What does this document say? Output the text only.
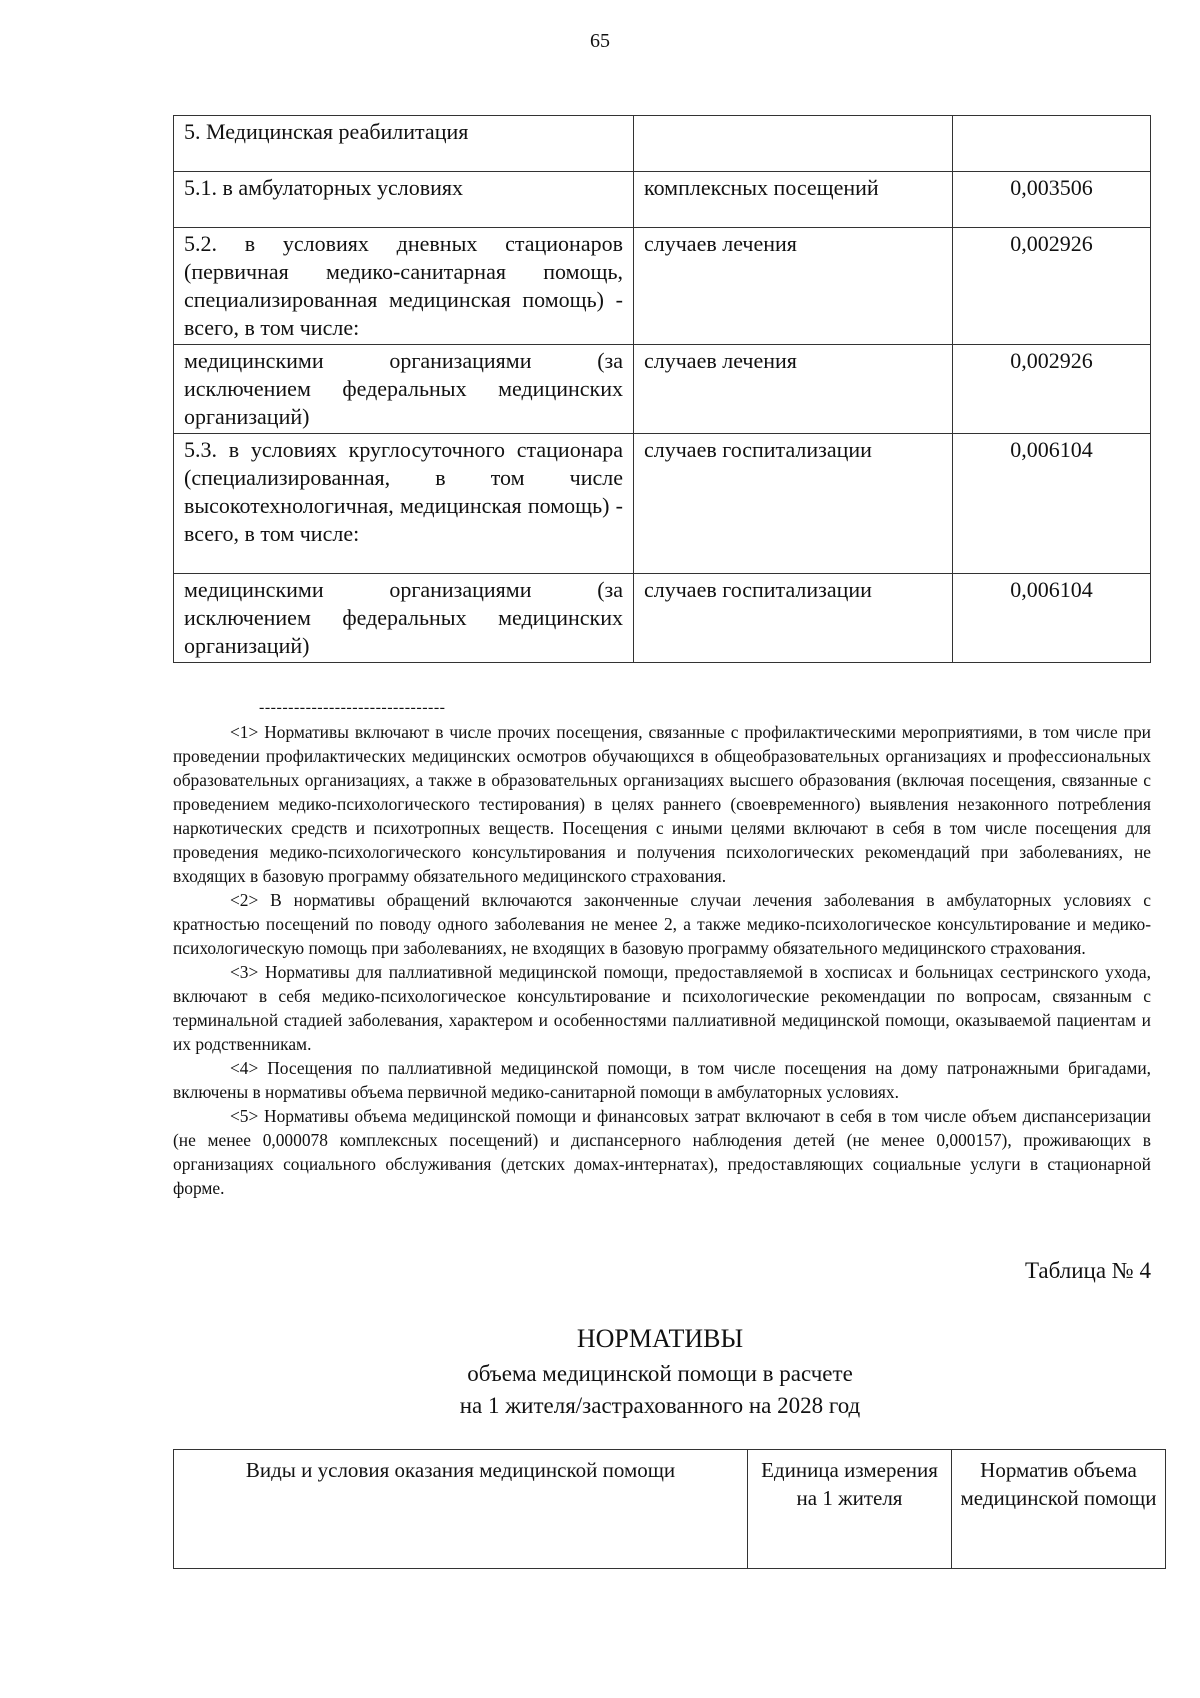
65
5. Медицинская реабилитация		
5.1. в амбулаторных условиях	комплексных посещений	0,003506
5.2. в условиях дневных стационаров (первичная медико-санитарная помощь, специализированная медицинская помощь) - всего, в том числе:	случаев лечения	0,002926
медицинскими организациями (за исключением федеральных медицинских организаций)	случаев лечения	0,002926
5.3. в условиях круглосуточного стационара (специализированная, в том числе высокотехнологичная, медицинская помощь) - всего, в том числе:	случаев госпитализации	0,006104
медицинскими организациями (за исключением федеральных медицинских организаций)	случаев госпитализации	0,006104
--------------------------------

<1> Нормативы включают в числе прочих посещения, связанные с профилактическими мероприятиями, в том числе при проведении профилактических медицинских осмотров обучающихся в общеобразовательных организациях и профессиональных образовательных организациях, а также в образовательных организациях высшего образования (включая посещения, связанные с проведением медико-психологического тестирования) в целях раннего (своевременного) выявления незаконного потребления наркотических средств и психотропных веществ. Посещения с иными целями включают в себя в том числе посещения для проведения медико-психологического консультирования и получения психологических рекомендаций при заболеваниях, не входящих в базовую программу обязательного медицинского страхования.

<2> В нормативы обращений включаются законченные случаи лечения заболевания в амбулаторных условиях с кратностью посещений по поводу одного заболевания не менее 2, а также медико-психологическое консультирование и медико-психологическую помощь при заболеваниях, не входящих в базовую программу обязательного медицинского страхования.

<3> Нормативы для паллиативной медицинской помощи, предоставляемой в хосписах и больницах сестринского ухода, включают в себя медико-психологическое консультирование и психологические рекомендации по вопросам, связанным с терминальной стадией заболевания, характером и особенностями паллиативной медицинской помощи, оказываемой пациентам и их родственникам.

<4> Посещения по паллиативной медицинской помощи, в том числе посещения на дому патронажными бригадами, включены в нормативы объема первичной медико-санитарной помощи в амбулаторных условиях.

<5> Нормативы объема медицинской помощи и финансовых затрат включают в себя в том числе объем диспансеризации (не менее 0,000078 комплексных посещений) и диспансерного наблюдения детей (не менее 0,000157), проживающих в организациях социального обслуживания (детских домах-интернатах), предоставляющих социальные услуги в стационарной форме.

Таблица № 4
НОРМАТИВЫ
объема медицинской помощи в расчете
на 1 жителя/застрахованного на 2028 год
Виды и условия оказания медицинской помощи	Единица измерения на 1 жителя	Норматив объема медицинской помощи
